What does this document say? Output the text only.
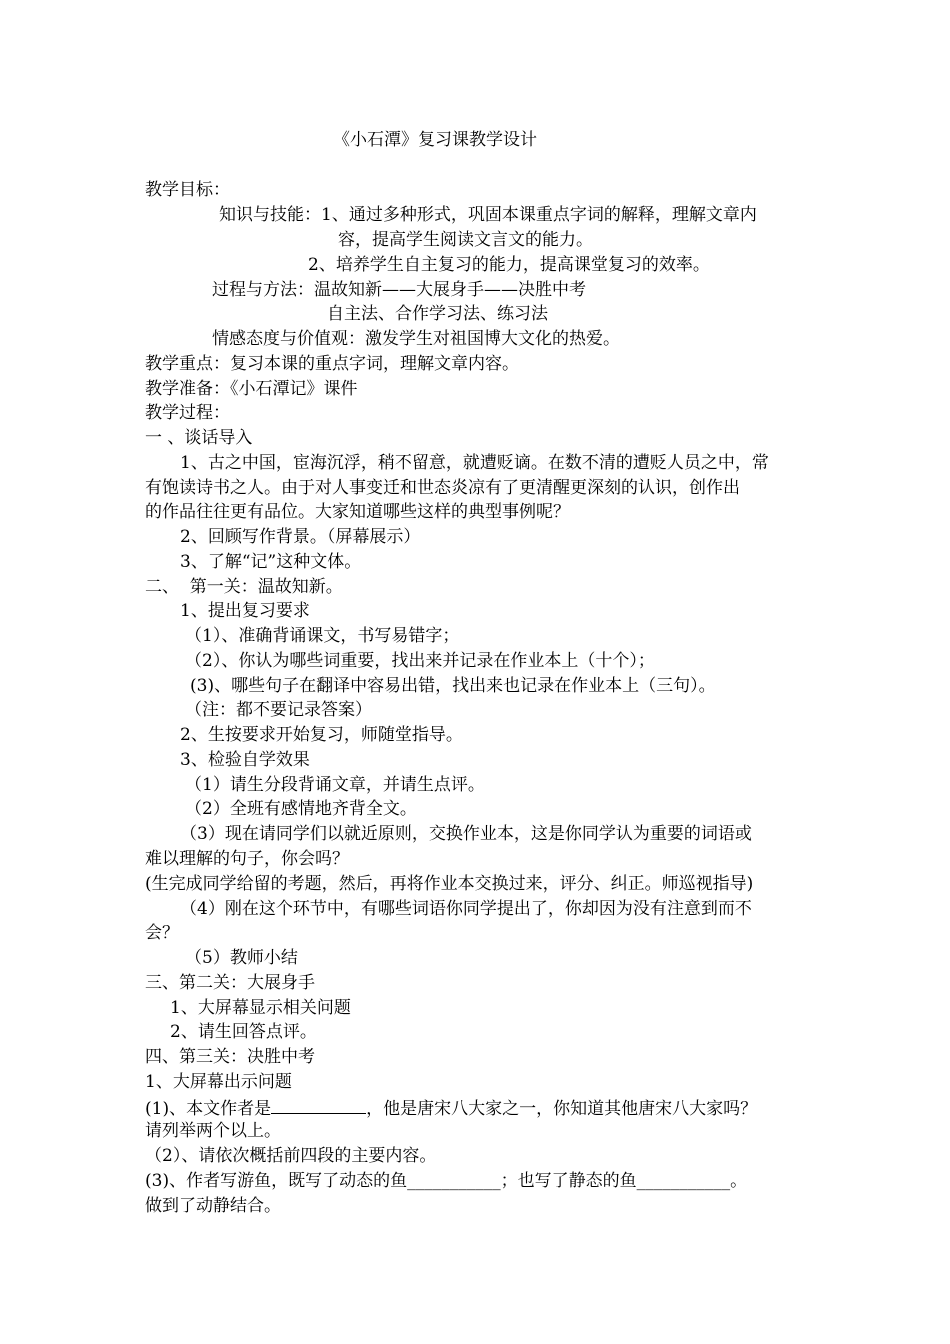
《小石潭》复习课教学设计
教学目标：
知识与技能：1、通过多种形式，巩固本课重点字词的解释，理解文章内
容，提高学生阅读文言文的能力。
2、培养学生自主复习的能力，提高课堂复习的效率。
过程与方法：温故知新——大展身手——决胜中考
自主法、合作学习法、练习法
情感态度与价值观：激发学生对祖国博大文化的热爱。
教学重点：复习本课的重点字词，理解文章内容。
教学准备：《小石潭记》课件
教学过程：
一 、谈话导入
1、古之中国，宦海沉浮，稍不留意，就遭贬谪。在数不清的遭贬人员之中，常
有饱读诗书之人。由于对人事变迁和世态炎凉有了更清醒更深刻的认识，创作出
的作品往往更有品位。大家知道哪些这样的典型事例呢？
2、回顾写作背景。（屏幕展示）
3、了解“记”这种文体。
二、  第一关：温故知新。
1、提出复习要求
（1）、准确背诵课文，书写易错字；
（2）、你认为哪些词重要，找出来并记录在作业本上（十个）；
(3)、哪些句子在翻译中容易出错，找出来也记录在作业本上（三句）。
（注：都不要记录答案）
2、生按要求开始复习，师随堂指导。
3、检验自学效果
（1）请生分段背诵文章，并请生点评。
（2）全班有感情地齐背全文。
（3）现在请同学们以就近原则，交换作业本，这是你同学认为重要的词语或
难以理解的句子，你会吗？
(生完成同学给留的考题，然后，再将作业本交换过来，评分、纠正。师巡视指导)
（4）刚在这个环节中，有哪些词语你同学提出了，你却因为没有注意到而不
会？
（5）教师小结
三、第二关：大展身手
1、大屏幕显示相关问题
2、请生回答点评。
四、第三关：决胜中考
1、大屏幕出示问题
(1)、本文作者是	，他是唐宋八大家之一，你知道其他唐宋八大家吗？
请列举两个以上。
（2）、请依次概括前四段的主要内容。
(3)、作者写游鱼，既写了动态的鱼___________；也写了静态的鱼___________。
做到了动静结合。
